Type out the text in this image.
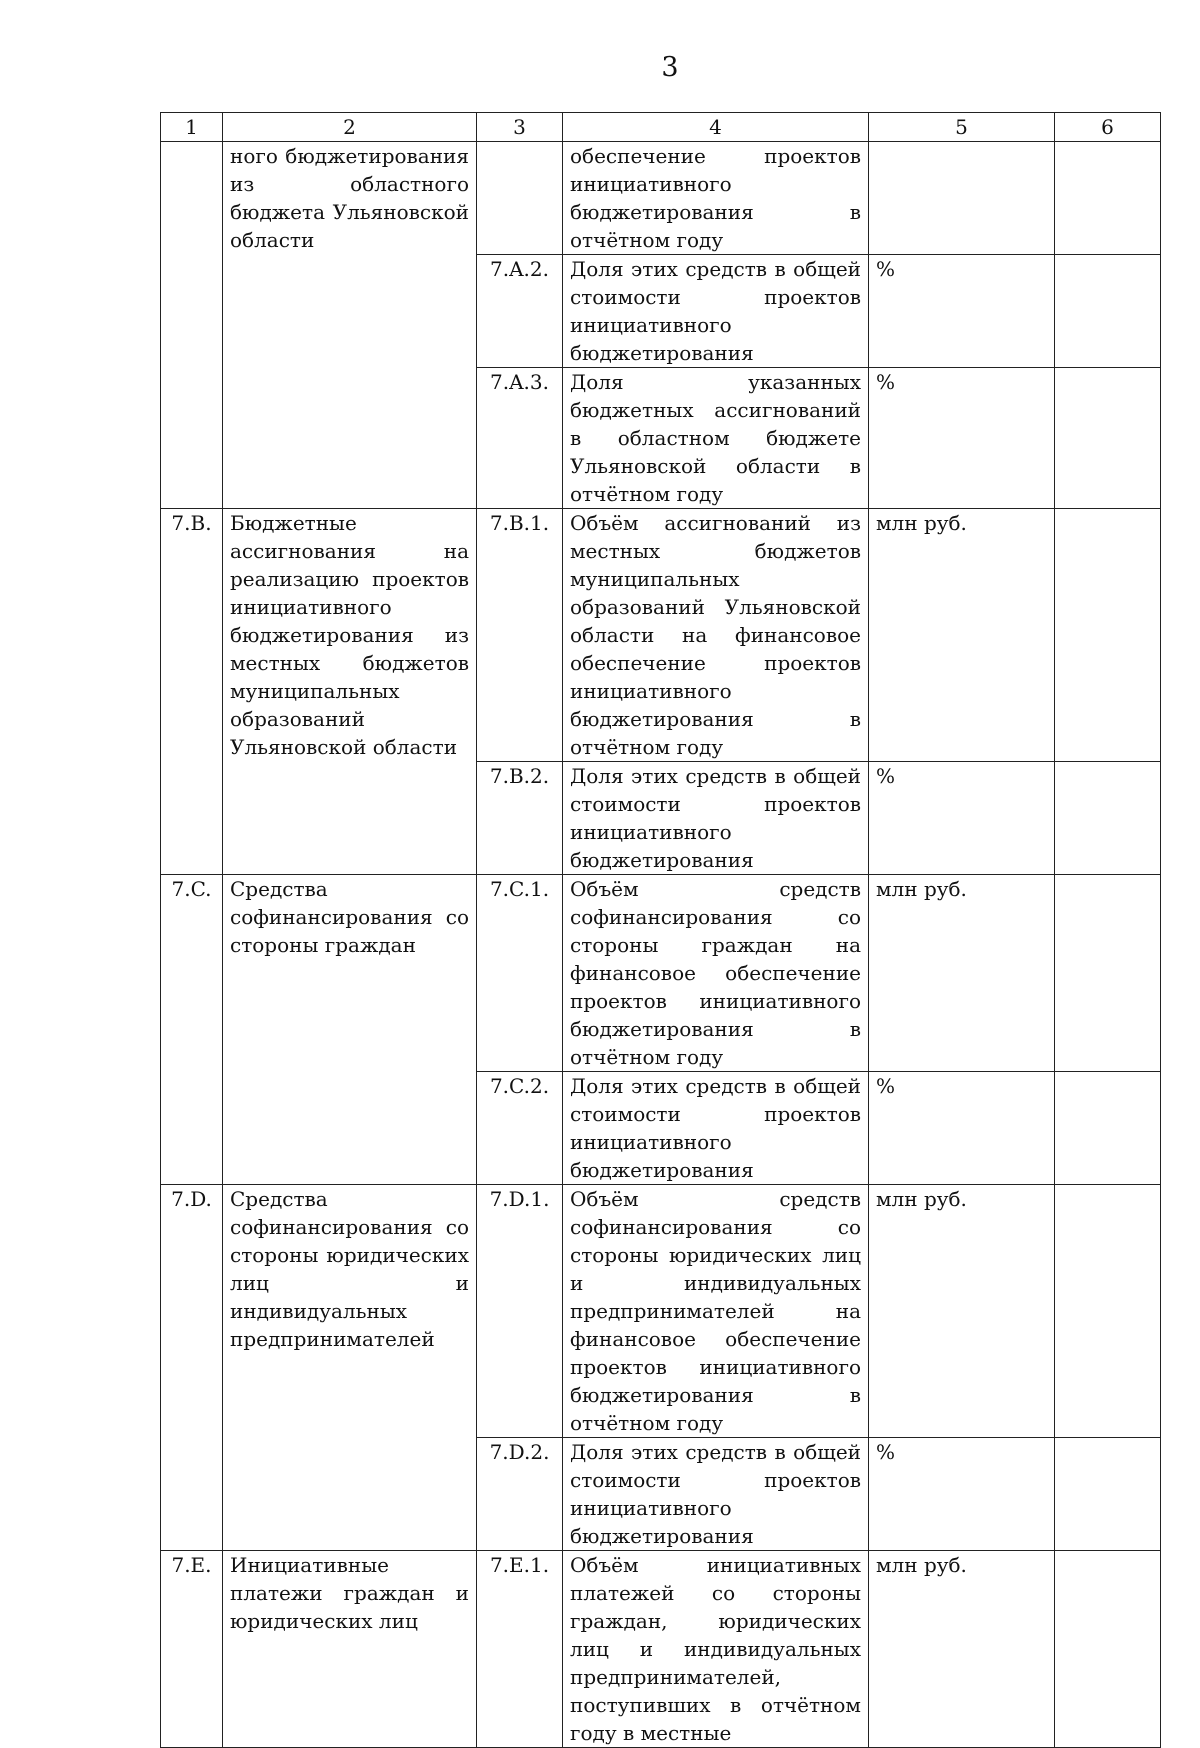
3
1	2	3	4	5	6
	ного бюджетирования из областного бюджета Ульяновской области		обеспечение проектов инициативного бюджетирования в отчётном году		
		7.A.2.	Доля этих средств в общей стоимости проектов инициативного бюджетирования	%	
		7.A.3.	Доля указанных бюджетных ассигнований в областном бюджете Ульяновской области в отчётном году	%	
7.B.	Бюджетные ассигнования на реализацию проектов инициативного бюджетирования из местных бюджетов муниципальных образований Ульяновской области	7.B.1.	Объём ассигнований из местных бюджетов муниципальных образований Ульяновской области на финансовое обеспечение проектов инициативного бюджетирования в отчётном году	млн руб.	
		7.B.2.	Доля этих средств в общей стоимости проектов инициативного бюджетирования	%	
7.C.	Средства софинансирования со стороны граждан	7.C.1.	Объём средств софинансирования со стороны граждан на финансовое обеспечение проектов инициативного бюджетирования в отчётном году	млн руб.	
		7.C.2.	Доля этих средств в общей стоимости проектов инициативного бюджетирования	%	
7.D.	Средства софинансирования со стороны юридических лиц и индивидуальных предпринимателей	7.D.1.	Объём средств софинансирования со стороны юридических лиц и индивидуальных предпринимателей на финансовое обеспечение проектов инициативного бюджетирования в отчётном году	млн руб.	
		7.D.2.	Доля этих средств в общей стоимости проектов инициативного бюджетирования	%	
7.E.	Инициативные платежи граждан и юридических лиц	7.E.1.	Объём инициативных платежей со стороны граждан, юридических лиц и индивидуальных предпринимателей, поступивших в отчётном году в местные	млн руб.	
